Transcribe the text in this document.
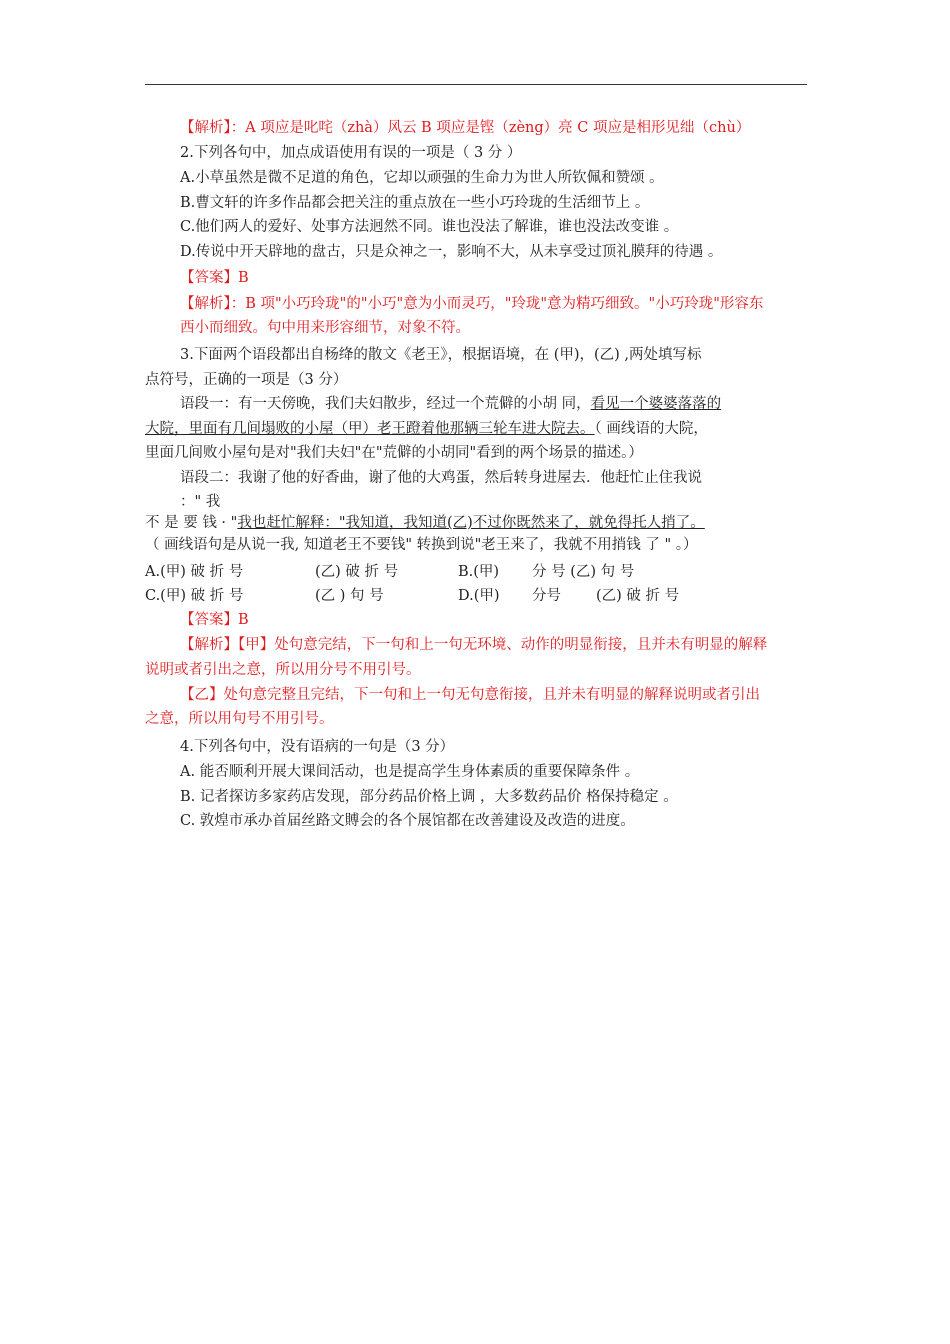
【解析】：A 项应是叱咤（zhà）风云 B 项应是铿（zèng）亮 C 项应是相形见绌（chù）
2.下列各句中，加点成语使用有误的一项是（ 3 分 ）
A.小草虽然是微不足道的角色，它却以顽强的生命力为世人所钦佩和赞颂 。
B.曹文轩的许多作品都会把关注的重点放在一些小巧玲珑的生活细节上 。
C.他们两人的爱好、处事方法迥然不同。谁也没法了解谁，谁也没法改变谁 。
D.传说中开天辟地的盘古，只是众神之一，影响不大，从未享受过顶礼膜拜的待遇 。
【答案】B
【解析】：B 项"小巧玲珑"的"小巧"意为小而灵巧，"玲珑"意为精巧细致。"小巧玲珑"形容东
西小而细致。句中用来形容细节，对象不符。
3.下面两个语段都出自杨绛的散文《老王》，根据语境，在 (甲)，(乙) ,两处填写标
点符号，正确的一项是（3 分）
语段一：有一天傍晚，我们夫妇散步，经过一个荒僻的小胡 同，看见一个婆婆落落的
大院，里面有几间塌败的小屋（甲）老王蹬着他那辆三轮车进大院去。（ 画线语的大院，
里面几间败小屋句是对"我们夫妇"在"荒僻的小胡同"看到的两个场景的描述。）
语段二：我谢了他的好香曲，谢了他的大鸡蛋，然后转身进屋去．他赶忙止住我说
：" 我
不 是 要 钱 · "我也赶忙解释："我知道，我知道(乙)不过你既然来了，就免得托人捎了。
（ 画线语句是从说一我, 知道老王不要钱" 转换到说"老王来了，我就不用捎钱 了 " 。）
A.(甲) 破 折 号	(乙) 破 折 号	B.(甲) 分 号 (乙) 句 号
C.(甲) 破 折 号	(乙 ) 句 号	D.(甲) 分号 (乙) 破 折 号
【答案】B
【解析】【甲】处句意完结，下一句和上一句无环境、动作的明显衔接，且并未有明显的解释
说明或者引出之意，所以用分号不用引号。
【乙】处句意完整且完结，下一句和上一句无句意衔接，且并未有明显的解释说明或者引出
之意，所以用句号不用引号。
4.下列各句中，没有语病的一句是（3 分）
A. 能否顺利开展大课间活动，也是提高学生身体素质的重要保障条件 。
B. 记者探访多家药店发现，部分药品价格上调 ，大多数药品价 格保持稳定 。
C. 敦煌市承办首届丝路文賻会的各个展馆都在改善建设及改造的进度。
